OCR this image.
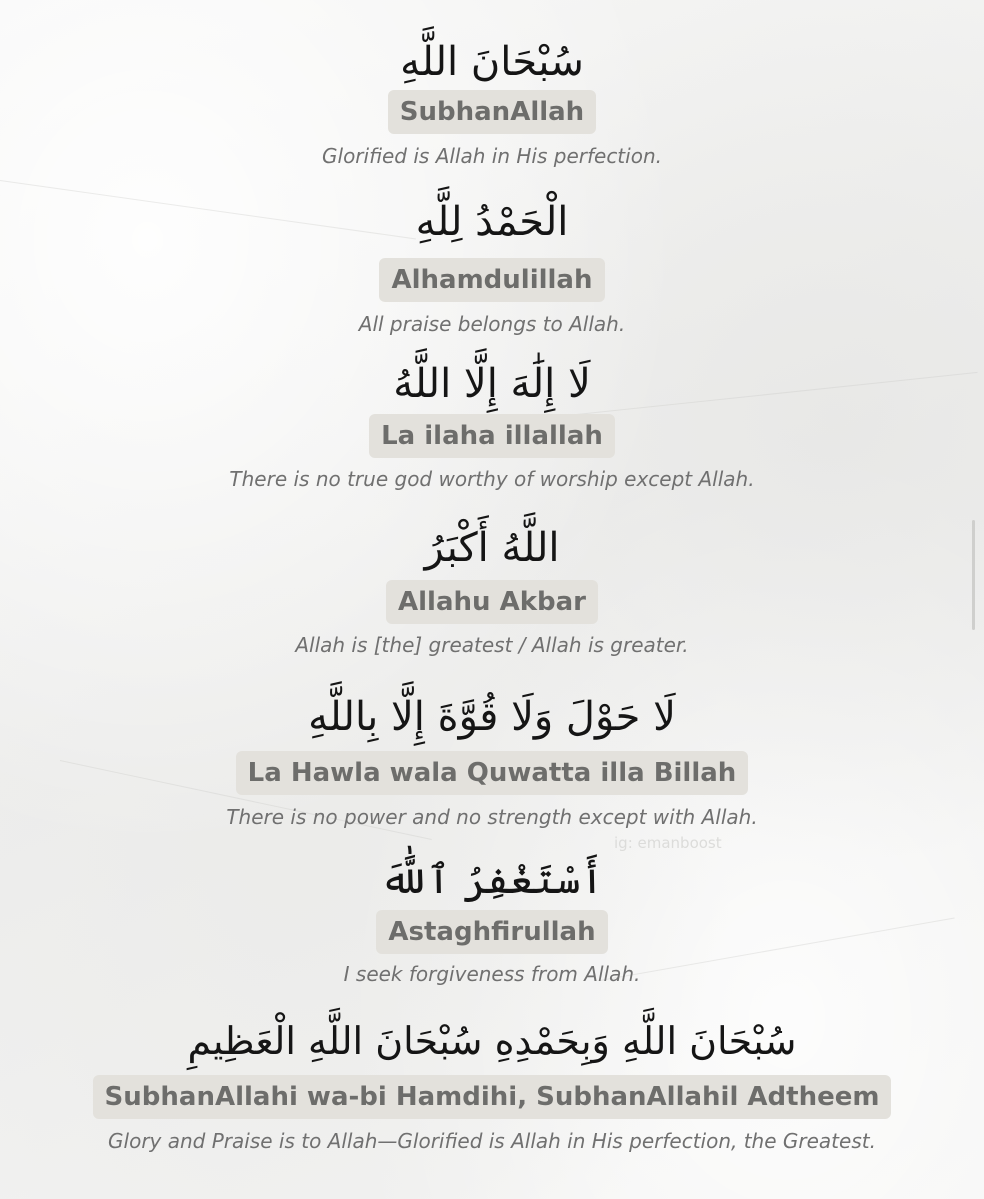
سُبْحَانَ اللَّهِ
SubhanAllah
Glorified is Allah in His perfection.
الْحَمْدُ لِلَّهِ
Alhamdulillah
All praise belongs to Allah.
لَا إِلَٰهَ إِلَّا اللَّهُ
La ilaha illallah
There is no true god worthy of worship except Allah.
اللَّهُ أَكْبَرُ
Allahu Akbar
Allah is [the] greatest / Allah is greater.
لَا حَوْلَ وَلَا قُوَّةَ إِلَّا بِاللَّهِ
La Hawla wala Quwatta illa Billah
There is no power and no strength except with Allah.
ig: emanboost
أَسْتَغْفِرُ ٱللَّٰهَ
Astaghfirullah
I seek forgiveness from Allah.
سُبْحَانَ اللَّهِ وَبِحَمْدِهِ سُبْحَانَ اللَّهِ الْعَظِيمِ
SubhanAllahi wa-bi Hamdihi, SubhanAllahil Adtheem
Glory and Praise is to Allah—Glorified is Allah in His perfection, the Greatest.
